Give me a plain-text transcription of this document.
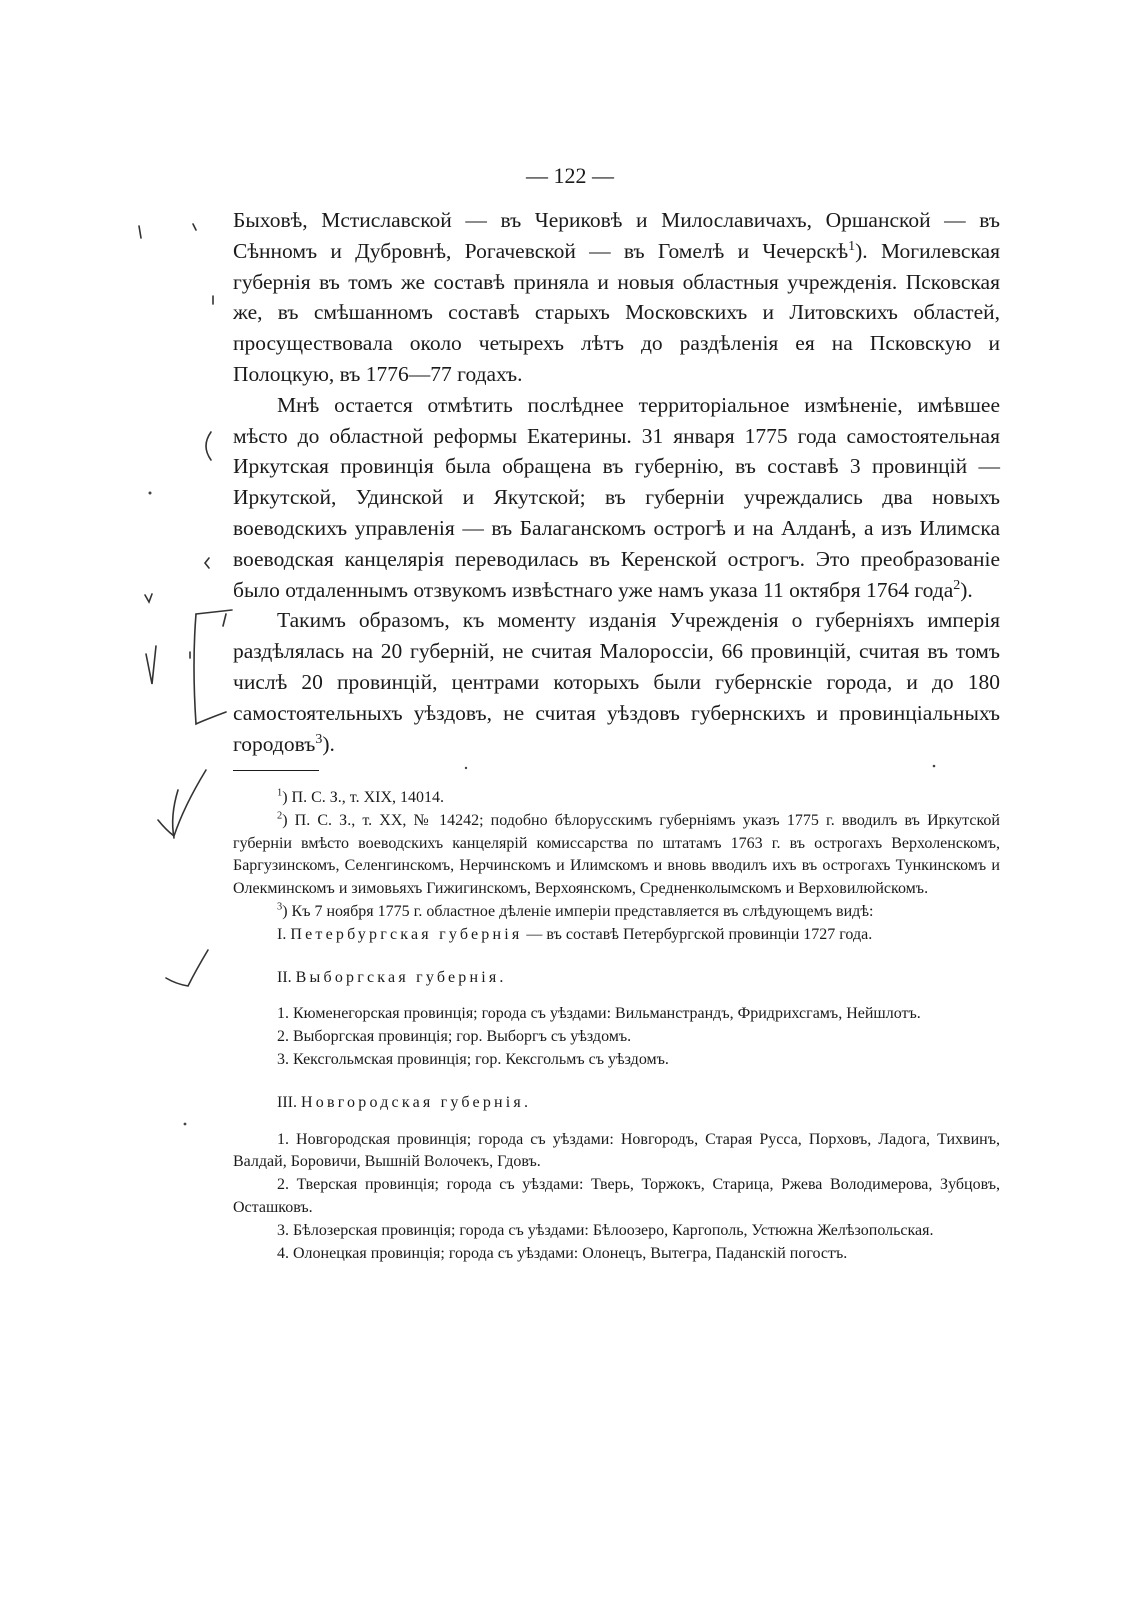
— 122 —

Быховѣ, Мстиславской — въ Чериковѣ и Милославичахъ, Оршанской — въ Сѣнномъ и Дубровнѣ, Рогачевской — въ Гомелѣ и Чечерскѣ$^1$). Могилевская губернія въ томъ же составѣ приняла и новыя областныя учрежденія. Псковская же, въ смѣшанномъ составѣ старыхъ Московскихъ и Литовскихъ областей, просуществовала около четырехъ лѣтъ до раздѣленія ея на Псковскую и Полоцкую, въ 1776—77 годахъ.

Мнѣ остается отмѣтить послѣднее территоріальное измѣненіе, имѣвшее мѣсто до областной реформы Екатерины. 31 января 1775 года самостоятельная Иркутская провинція была обращена въ губернію, въ составѣ 3 провинцій — Иркутской, Удинской и Якутской; въ губерніи учреждались два новыхъ воеводскихъ управленія — въ Балаганскомъ острогѣ и на Алданѣ, а изъ Илимска воеводская канцелярія переводилась въ Керенской острогъ. Это преобразованіе было отдаленнымъ отзвукомъ извѣстнаго уже намъ указа 11 октября 1764 года$^2$).

Такимъ образомъ, къ моменту изданія Учрежденія о губерніяхъ имперія раздѣлялась на 20 губерній, не считая Малороссіи, 66 провинцій, считая въ томъ числѣ 20 провинцій, центрами которыхъ были губернскіе города, и до 180 самостоятельныхъ уѣздовъ, не считая уѣздовъ губернскихъ и провинціальныхъ городовъ$^3$).

$^1$) П. С. З., т. XIX, 14014.

$^2$) П. С. З., т. XX, № 14242; подобно бѣлорусскимъ губерніямъ указъ 1775 г. вводилъ въ Иркутской губерніи вмѣсто воеводскихъ канцелярій комиссарства по штатамъ 1763 г. въ острогахъ Верхоленскомъ, Баргузинскомъ, Селенгинскомъ, Нерчинскомъ и Илимскомъ и вновь вводилъ ихъ въ острогахъ Тункинскомъ и Олекминскомъ и зимовьяхъ Гижигинскомъ, Верхоянскомъ, Средненколымскомъ и Верховилюйскомъ.

$^3$) Къ 7 ноября 1775 г. областное дѣленіе имперіи представляется въ слѣдующемъ видѣ:

I. Петербургская губернія — въ составѣ Петербургской провинціи 1727 года.

II. Выборгская губернія.

1. Кюменегорская провинція; города съ уѣздами: Вильманстрандъ, Фридрихсгамъ, Нейшлотъ.

2. Выборгская провинція; гор. Выборгъ съ уѣздомъ.

3. Кексгольмская провинція; гор. Кексгольмъ съ уѣздомъ.

III. Новгородская губернія.

1. Новгородская провинція; города съ уѣздами: Новгородъ, Старая Русса, Порховъ, Ладога, Тихвинъ, Валдай, Боровичи, Вышній Волочекъ, Гдовъ.

2. Тверская провинція; города съ уѣздами: Тверь, Торжокъ, Старица, Ржева Володимерова, Зубцовъ, Осташковъ.

3. Бѣлозерская провинція; города съ уѣздами: Бѣлоозеро, Каргополь, Устюжна Желѣзопольская.

4. Олонецкая провинція; города съ уѣздами: Олонецъ, Вытегра, Паданскій погостъ.
